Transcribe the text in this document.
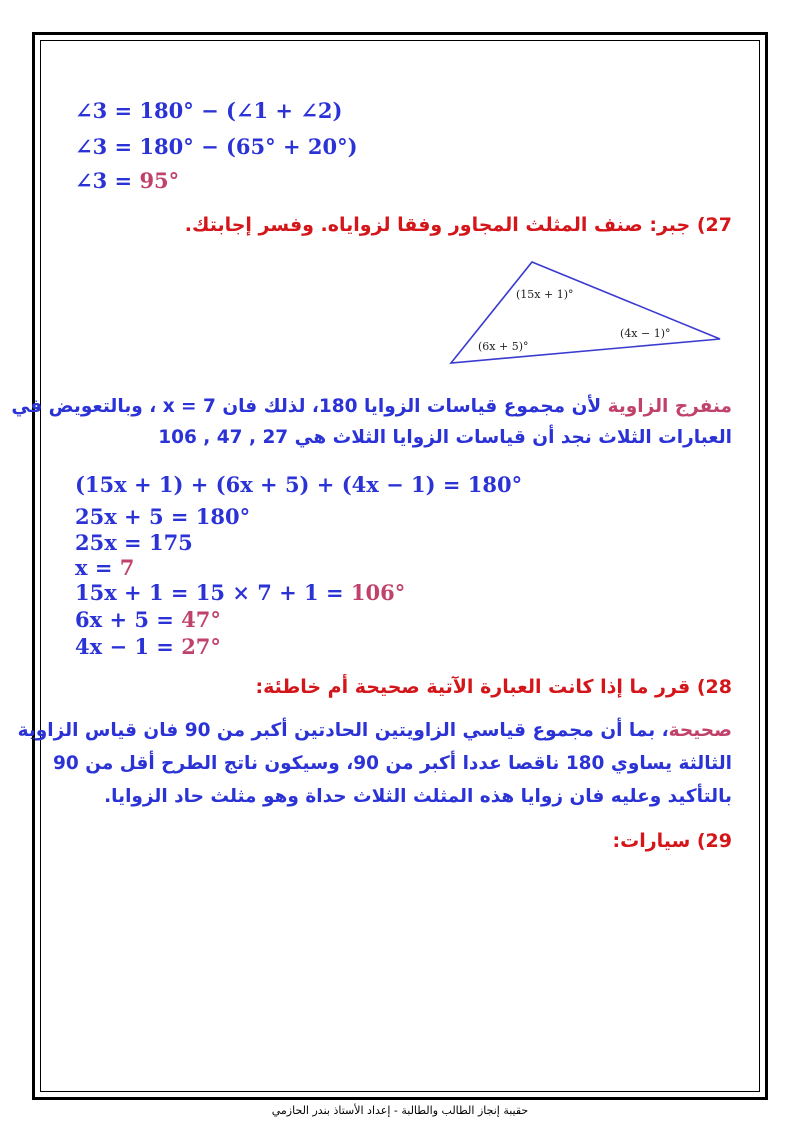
∠3 = 180° − (∠1 + ∠2)
∠3 = 180° − (65° + 20°)
∠3 = 95°
27) جبر: صنف المثلث المجاور وفقا لزواياه. وفسر إجابتك.
(15x + 1)°
(6x + 5)°
(4x − 1)°
منفرج الزاوية لأن مجموع قياسات الزوايا 180، لذلك فان x = 7 ، وبالتعويض في
العبارات الثلاث نجد أن قياسات الزوايا الثلاث هي 27 , 47 , 106
(15x + 1) + (6x + 5) + (4x − 1) = 180°
25x + 5 = 180°
25x = 175
x = 7
15x + 1 = 15 × 7 + 1 = 106°
6x + 5 = 47°
4x − 1 = 27°
28) قرر ما إذا كانت العبارة الآتية صحيحة أم خاطئة:
صحيحة، بما أن مجموع قياسي الزاويتين الحادتين أكبر من 90 فان قياس الزاوية
الثالثة يساوي 180 ناقصا عددا أكبر من 90، وسيكون ناتج الطرح أقل من 90
بالتأكيد وعليه فان زوايا هذه المثلث الثلاث حداة وهو مثلث حاد الزوايا.
29) سيارات:
حقيبة إنجاز الطالب والطالبة - إعداد الأستاذ بندر الحازمي
